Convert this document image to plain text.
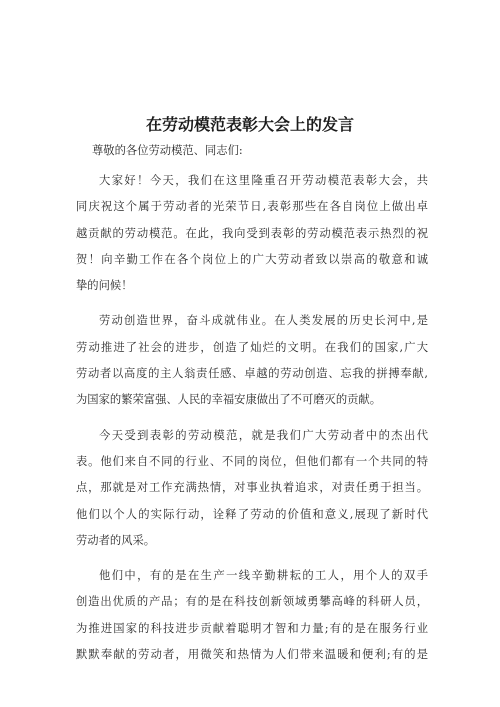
在劳动模范表彰大会上的发言
尊敬的各位劳动模范、同志们:
大家好！今天，我们在这里隆重召开劳动模范表彰大会，共
同庆祝这个属于劳动者的光荣节日,表彰那些在各自岗位上做出卓
越贡献的劳动模范。在此，我向受到表彰的劳动模范表示热烈的祝
贺！向辛勤工作在各个岗位上的广大劳动者致以崇高的敬意和诚
挚的问候！
劳动创造世界，奋斗成就伟业。在人类发展的历史长河中,是
劳动推进了社会的进步，创造了灿烂的文明。在我们的国家,广大
劳动者以高度的主人翁责任感、卓越的劳动创造、忘我的拼搏奉献,
为国家的繁荣富强、人民的幸福安康做出了不可磨灭的贡献。
今天受到表彰的劳动模范，就是我们广大劳动者中的杰出代
表。他们来自不同的行业、不同的岗位，但他们都有一个共同的特
点，那就是对工作充满热情，对事业执着追求，对责任勇于担当。
他们以个人的实际行动，诠释了劳动的价值和意义,展现了新时代
劳动者的风采。
他们中，有的是在生产一线辛勤耕耘的工人，用个人的双手
创造出优质的产品；有的是在科技创新领域勇攀高峰的科研人员，
为推进国家的科技进步贡献着聪明才智和力量;有的是在服务行业
默默奉献的劳动者，用微笑和热情为人们带来温暖和便利;有的是
